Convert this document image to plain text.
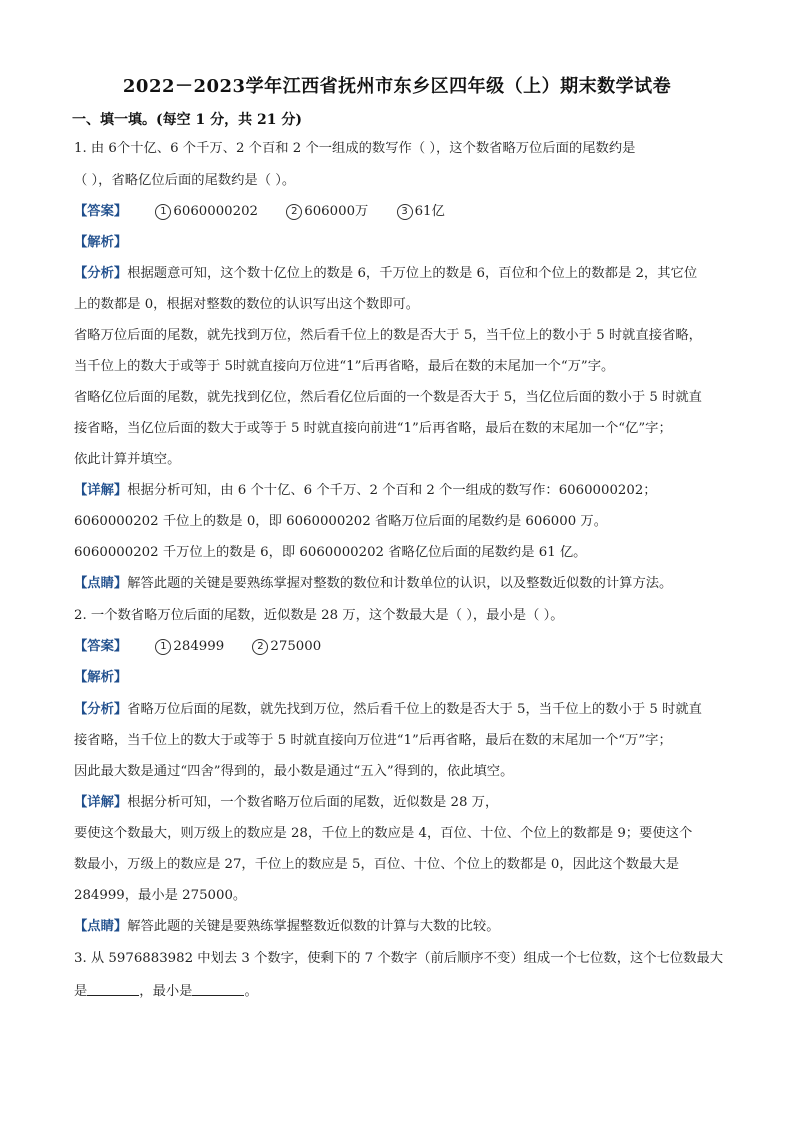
2022－2023学年江西省抚州市东乡区四年级（上）期末数学试卷
一、填一填。(每空 1 分，共 21 分)
1. 由 6个十亿、6 个千万、2 个百和 2 个一组成的数写作（ ），这个数省略万位后面的尾数约是
（ ），省略亿位后面的尾数约是（ ）。
【答案】	1 6060000202	2 606000万	3 61亿
【解析】
【分析】根据题意可知，这个数十亿位上的数是 6，千万位上的数是 6，百位和个位上的数都是 2，其它位
上的数都是 0，根据对整数的数位的认识写出这个数即可。
省略万位后面的尾数，就先找到万位，然后看千位上的数是否大于 5，当千位上的数小于 5 时就直接省略，
当千位上的数大于或等于 5时就直接向万位进“1”后再省略，最后在数的末尾加一个“万”字。
省略亿位后面的尾数，就先找到亿位，然后看亿位后面的一个数是否大于 5，当亿位后面的数小于 5 时就直
接省略，当亿位后面的数大于或等于 5 时就直接向前进“1”后再省略，最后在数的末尾加一个“亿”字；
依此计算并填空。
【详解】根据分析可知，由 6 个十亿、6 个千万、2 个百和 2 个一组成的数写作：6060000202；
6060000202 千位上的数是 0，即 6060000202 省略万位后面的尾数约是 606000 万。
6060000202 千万位上的数是 6，即 6060000202 省略亿位后面的尾数约是 61 亿。
【点睛】解答此题的关键是要熟练掌握对整数的数位和计数单位的认识，以及整数近似数的计算方法。
2. 一个数省略万位后面的尾数，近似数是 28 万，这个数最大是（ ），最小是（ ）。
【答案】	1 284999	2 275000
【解析】
【分析】省略万位后面的尾数，就先找到万位，然后看千位上的数是否大于 5，当千位上的数小于 5 时就直
接省略，当千位上的数大于或等于 5 时就直接向万位进“1”后再省略，最后在数的末尾加一个“万”字；
因此最大数是通过“四舍”得到的，最小数是通过“五入”得到的，依此填空。
【详解】根据分析可知，一个数省略万位后面的尾数，近似数是 28 万，
要使这个数最大，则万级上的数应是 28，千位上的数应是 4，百位、十位、个位上的数都是 9；要使这个
数最小，万级上的数应是 27，千位上的数应是 5，百位、十位、个位上的数都是 0，因此这个数最大是
284999，最小是 275000。
【点睛】解答此题的关键是要熟练掌握整数近似数的计算与大数的比较。
3. 从 5976883982 中划去 3 个数字，使剩下的 7 个数字（前后顺序不变）组成一个七位数，这个七位数最大
是	，最小是	。
